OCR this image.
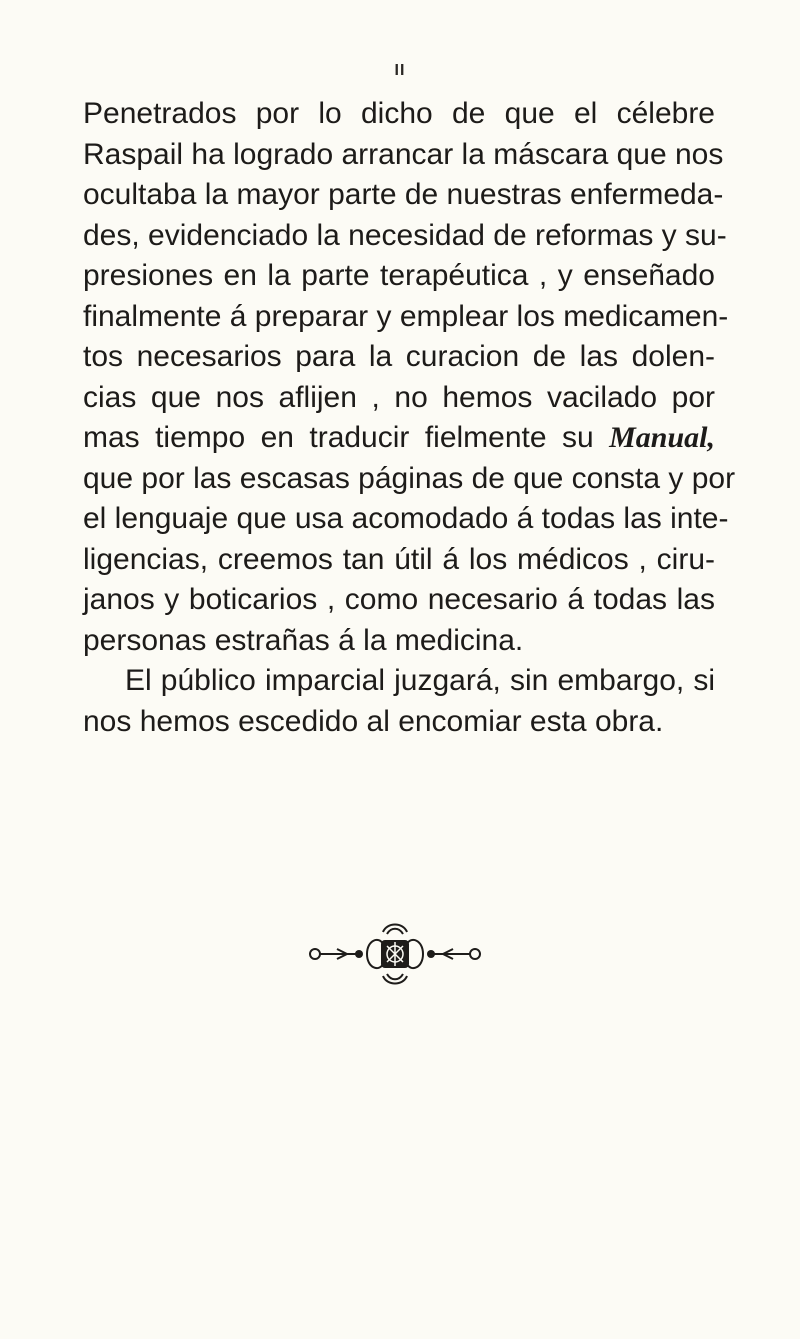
II
Penetrados por lo dicho de que el célebre
Raspail ha logrado arrancar la máscara que nos
ocultaba la mayor parte de nuestras enfermeda-
des, evidenciado la necesidad de reformas y su-
presiones en la parte terapéutica , y enseñado
finalmente á preparar y emplear los medicamen-
tos necesarios para la curacion de las dolen-
cias que nos aflijen , no hemos vacilado por
mas tiempo en traducir fielmente su Manual,
que por las escasas páginas de que consta y por
el lenguaje que usa acomodado á todas las inte-
ligencias, creemos tan útil á los médicos , ciru-
janos y boticarios , como necesario á todas las
personas estrañas á la medicina.
El público imparcial juzgará, sin embargo, si
nos hemos escedido al encomiar esta obra.
